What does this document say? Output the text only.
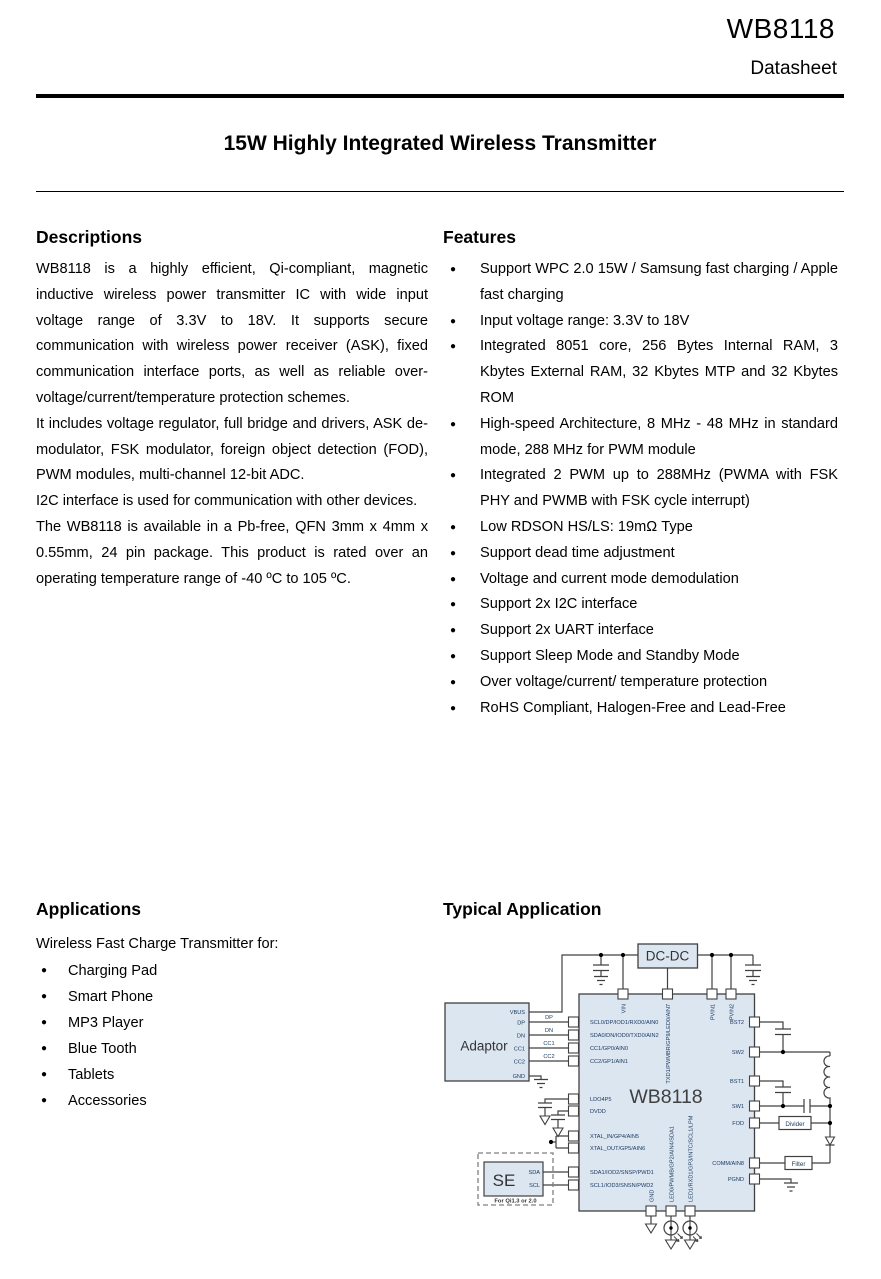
WB8118
Datasheet
15W Highly Integrated Wireless Transmitter
Descriptions

WB8118 is a highly efficient, Qi-compliant, magnetic inductive wireless power transmitter IC with wide input voltage range of 3.3V to 18V. It supports secure communication with wireless power receiver (ASK), fixed communication interface ports, as well as reliable over-voltage/current/temperature protection schemes.

It includes voltage regulator, full bridge and drivers, ASK de-modulator, FSK modulator, foreign object detection (FOD), PWM modules, multi-channel 12-bit ADC.

I2C interface is used for communication with other devices.

The WB8118 is available in a Pb-free, QFN 3mm x 4mm x 0.55mm, 24 pin package. This product is rated over an operating temperature range of -40 ºC to 105 ºC.

Features
● Support WPC 2.0 15W / Samsung fast charging / Apple fast charging
● Input voltage range: 3.3V to 18V
● Integrated 8051 core, 256 Bytes Internal RAM, 3 Kbytes External RAM, 32 Kbytes MTP and 32 Kbytes ROM
● High-speed Architecture, 8 MHz - 48 MHz in standard mode, 288 MHz for PWM module
● Integrated 2 PWM up to 288MHz (PWMA with FSK PHY and PWMB with FSK cycle interrupt)
● Low RDSON HS/LS: 19mΩ Type
● Support dead time adjustment
● Voltage and current mode demodulation
● Support 2x I2C interface
● Support 2x UART interface
● Support Sleep Mode and Standby Mode
● Over voltage/current/ temperature protection
● RoHS Compliant, Halogen-Free and Lead-Free
Applications

Wireless Fast Charge Transmitter for:

● Charging Pad
● Smart Phone
● MP3 Player
● Blue Tooth
● Tablets
● Accessories
Typical Application
DC-DC
Adaptor
WB8118
SE
For Qi1.3 or 2.0
Divider
Filter
VBUS
DP
DN
CC1
CC2
GND
DP
DN
CC1
CC2
SDA
SCL
SCL0/DP/IOD1/RXD0/AIN0
SDA0/DN/IOD0/TXD0/AIN2
CC1/GP0/AIN0
CC2/GP1/AIN1
LDO4P5
DVDD
XTAL_IN/GP4/AIN5
XTAL_OUT/GP5/AIN6
SDA1/IOD2/SNSP/PWD1
SCL1/IOD3/SNSN/PWD2
BST2
SW2
BST1
SW1
FOD
COMM/AIN8
PGND
VIN	TXD1/PWMBR/GP9/LED0/AIN7	PVIN1 PVIN2
GND	LED0/PWMB/GP2/AIN4/SDA1 LED1/RXD1/GP3/INTC/SCL1/LPM
